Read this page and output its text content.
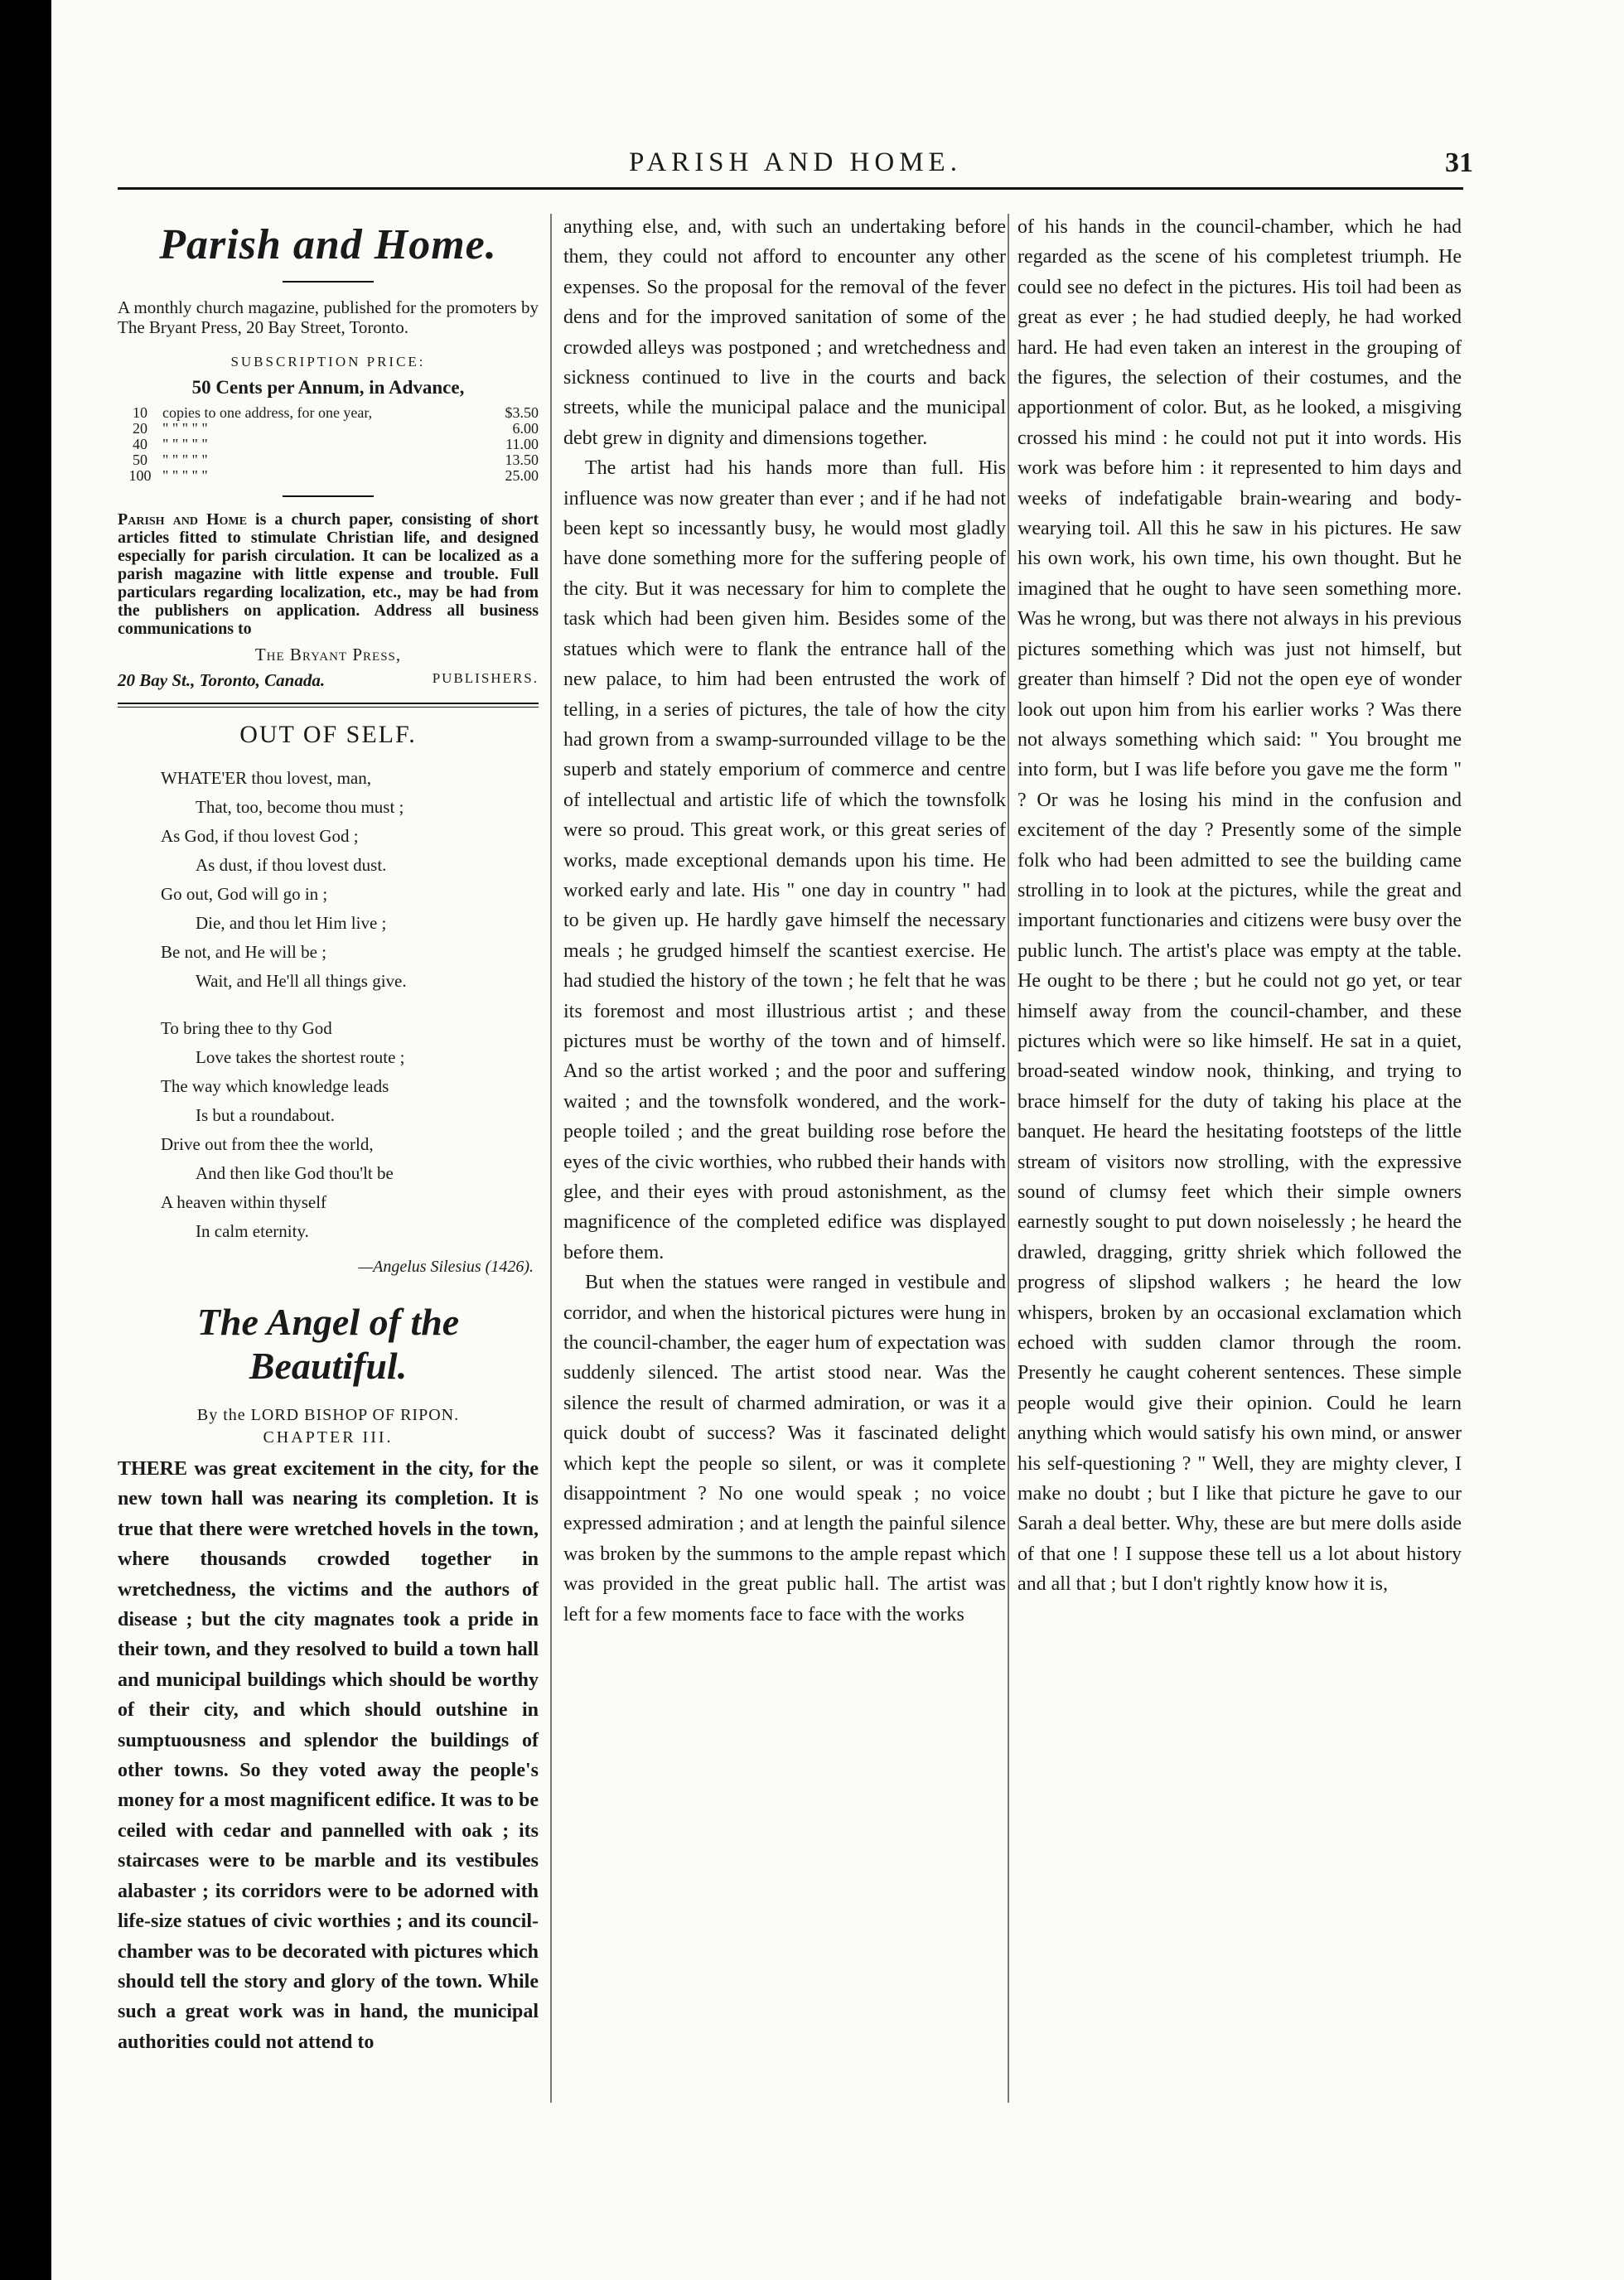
PARISH AND HOME.	31
Parish and Home.

A monthly church magazine, published for the promoters by The Bryant Press, 20 Bay Street, Toronto.

SUBSCRIPTION PRICE:
50 Cents per Annum, in Advance,
10	copies to one address, for one year,	$3.50
20	" " " " "	6.00
40	" " " " "	11.00
50	" " " " "	13.50
100	" " " " "	25.00

Parish and Home is a church paper, consisting of short articles fitted to stimulate Christian life, and designed especially for parish circulation. It can be localized as a parish magazine with little expense and trouble. Full particulars regarding localization, etc., may be had from the publishers on application. Address all business communications to

The Bryant Press,
20 Bay St., Toronto, Canada.	PUBLISHERS.
OUT OF SELF.
WHATE'ER thou lovest, man,
That, too, become thou must ;
As God, if thou lovest God ;
As dust, if thou lovest dust.
Go out, God will go in ;
Die, and thou let Him live ;
Be not, and He will be ;
Wait, and He'll all things give.
To bring thee to thy God
Love takes the shortest route ;
The way which knowledge leads
Is but a roundabout.
Drive out from thee the world,
And then like God thou'lt be
A heaven within thyself
In calm eternity.
—Angelus Silesius (1426).
The Angel of the Beautiful.
By the LORD BISHOP OF RIPON.
CHAPTER III.

THERE was great excitement in the city, for the new town hall was nearing its completion. It is true that there were wretched hovels in the town, where thousands crowded together in wretchedness, the victims and the authors of disease ; but the city magnates took a pride in their town, and they resolved to build a town hall and municipal buildings which should be worthy of their city, and which should outshine in sumptuousness and splendor the buildings of other towns. So they voted away the people's money for a most magnificent edifice. It was to be ceiled with cedar and pannelled with oak ; its staircases were to be marble and its vestibules alabaster ; its corridors were to be adorned with life-size statues of civic worthies ; and its council-chamber was to be decorated with pictures which should tell the story and glory of the town. While such a great work was in hand, the municipal authorities could not attend to

anything else, and, with such an undertaking before them, they could not afford to encounter any other expenses. So the proposal for the removal of the fever dens and for the improved sanitation of some of the crowded alleys was postponed ; and wretchedness and sickness continued to live in the courts and back streets, while the municipal palace and the municipal debt grew in dignity and dimensions together.

The artist had his hands more than full. His influence was now greater than ever ; and if he had not been kept so incessantly busy, he would most gladly have done something more for the suffering people of the city. But it was necessary for him to complete the task which had been given him. Besides some of the statues which were to flank the entrance hall of the new palace, to him had been entrusted the work of telling, in a series of pictures, the tale of how the city had grown from a swamp-surrounded village to be the superb and stately emporium of commerce and centre of intellectual and artistic life of which the townsfolk were so proud. This great work, or this great series of works, made exceptional demands upon his time. He worked early and late. His " one day in country " had to be given up. He hardly gave himself the necessary meals ; he grudged himself the scantiest exercise. He had studied the history of the town ; he felt that he was its foremost and most illustrious artist ; and these pictures must be worthy of the town and of himself. And so the artist worked ; and the poor and suffering waited ; and the townsfolk wondered, and the work-people toiled ; and the great building rose before the eyes of the civic worthies, who rubbed their hands with glee, and their eyes with proud astonishment, as the magnificence of the completed edifice was displayed before them.

But when the statues were ranged in vestibule and corridor, and when the historical pictures were hung in the council-chamber, the eager hum of expectation was suddenly silenced. The artist stood near. Was the silence the result of charmed admiration, or was it a quick doubt of success? Was it fascinated delight which kept the people so silent, or was it complete disappointment ? No one would speak ; no voice expressed admiration ; and at length the painful silence was broken by the summons to the ample repast which was provided in the great public hall. The artist was left for a few moments face to face with the works

of his hands in the council-chamber, which he had regarded as the scene of his completest triumph. He could see no defect in the pictures. His toil had been as great as ever ; he had studied deeply, he had worked hard. He had even taken an interest in the grouping of the figures, the selection of their costumes, and the apportionment of color. But, as he looked, a misgiving crossed his mind : he could not put it into words. His work was before him : it represented to him days and weeks of indefatigable brain-wearing and body-wearying toil. All this he saw in his pictures. He saw his own work, his own time, his own thought. But he imagined that he ought to have seen something more. Was he wrong, but was there not always in his previous pictures something which was just not himself, but greater than himself ? Did not the open eye of wonder look out upon him from his earlier works ? Was there not always something which said: " You brought me into form, but I was life before you gave me the form " ? Or was he losing his mind in the confusion and excitement of the day ? Presently some of the simple folk who had been admitted to see the building came strolling in to look at the pictures, while the great and important functionaries and citizens were busy over the public lunch. The artist's place was empty at the table. He ought to be there ; but he could not go yet, or tear himself away from the council-chamber, and these pictures which were so like himself. He sat in a quiet, broad-seated window nook, thinking, and trying to brace himself for the duty of taking his place at the banquet. He heard the hesitating footsteps of the little stream of visitors now strolling, with the expressive sound of clumsy feet which their simple owners earnestly sought to put down noiselessly ; he heard the drawled, dragging, gritty shriek which followed the progress of slipshod walkers ; he heard the low whispers, broken by an occasional exclamation which echoed with sudden clamor through the room. Presently he caught coherent sentences. These simple people would give their opinion. Could he learn anything which would satisfy his own mind, or answer his self-questioning ? " Well, they are mighty clever, I make no doubt ; but I like that picture he gave to our Sarah a deal better. Why, these are but mere dolls aside of that one ! I suppose these tell us a lot about history and all that ; but I don't rightly know how it is,
